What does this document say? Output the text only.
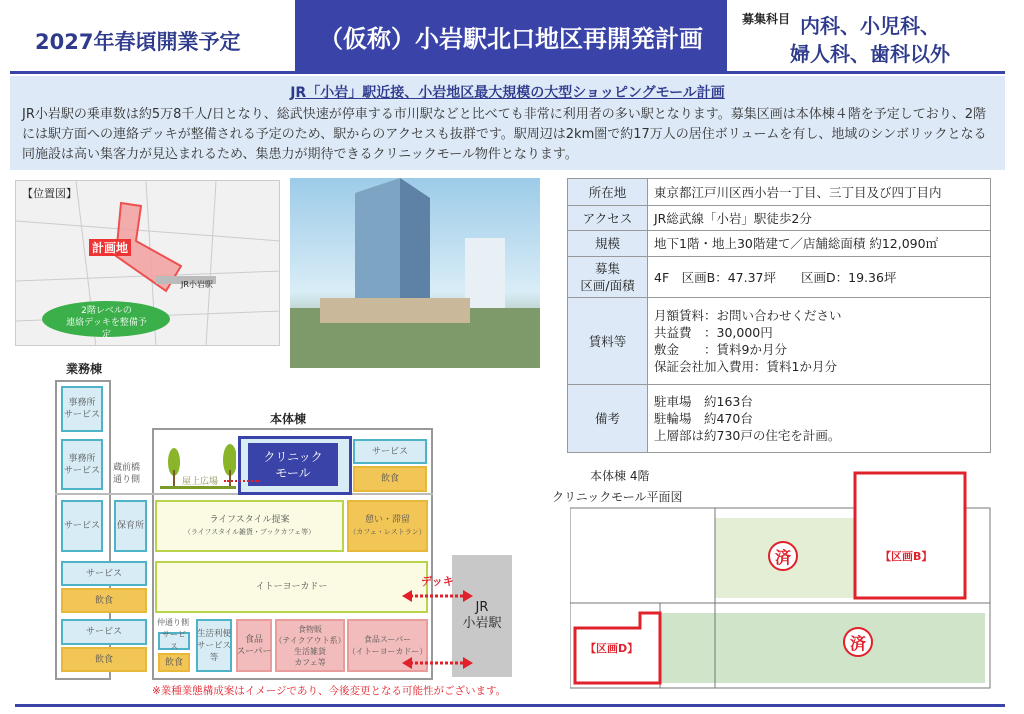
2027年春頃開業予定	（仮称）小岩駅北口地区再開発計画
募集科目 内科、小児科、
婦人科、歯科以外
JR「小岩」駅近接、小岩地区最大規模の大型ショッピングモール計画

JR小岩駅の乗車数は約5万8千人/日となり、総武快速が停車する市川駅などと比べても非常に利用者の多い駅となります。募集区画は本体棟４階を予定しており、2階には駅方面への連絡デッキが整備される予定のため、駅からのアクセスも抜群です。駅周辺は2km圏で約17万人の居住ボリュームを有し、地域のシンボリックとなる同施設は高い集客力が見込まれるため、集患力が期待できるクリニックモール物件となります。

【位置図】
計画地
JR小岩駅
2階レベルの
連絡デッキを整備予定
所在地	東京都江戸川区西小岩一丁目、三丁目及び四丁目内

アクセス	JR総武線「小岩」駅徒歩2分

規模	地下1階・地上30階建て／店舗総面積 約12,090㎡

募集
区画/面積	4F　区画B：47.37坪　　区画D：19.36坪

賃料等	月額賃料：お問い合わせください
共益費　：30,000円
敷金　　：賃料9か月分
保証会社加入費用：賃料1か月分

備考	駐車場　約163台
駐輪場　約470台
上層部は約730戸の住宅を計画。
業務棟
本体棟
事務所
サービス
事務所
サービス	蔵前橋
通り側	屋上広場
クリニック
モール
サービス
飲食
サービス	保育所
ライフスタイル提案
（ライフスタイル雑貨・ブックカフェ等）
憩い・滞留
（カフェ・レストラン）
サービス
飲食
イトーヨーカドー
サービス
飲食
仲通り側
サービス
飲食
生活利便
サービス
等
食品
スーパー
食物販
（テイクアウト系）
生活雑貨
カフェ等
食品スーパー
（イトーヨーカドー）
JR
小岩駅
デッキ
※業種業態構成案はイメージであり、今後変更となる可能性がございます。
本体棟 4階
クリニックモール平面図
【区画B】
【区画D】
済
済
